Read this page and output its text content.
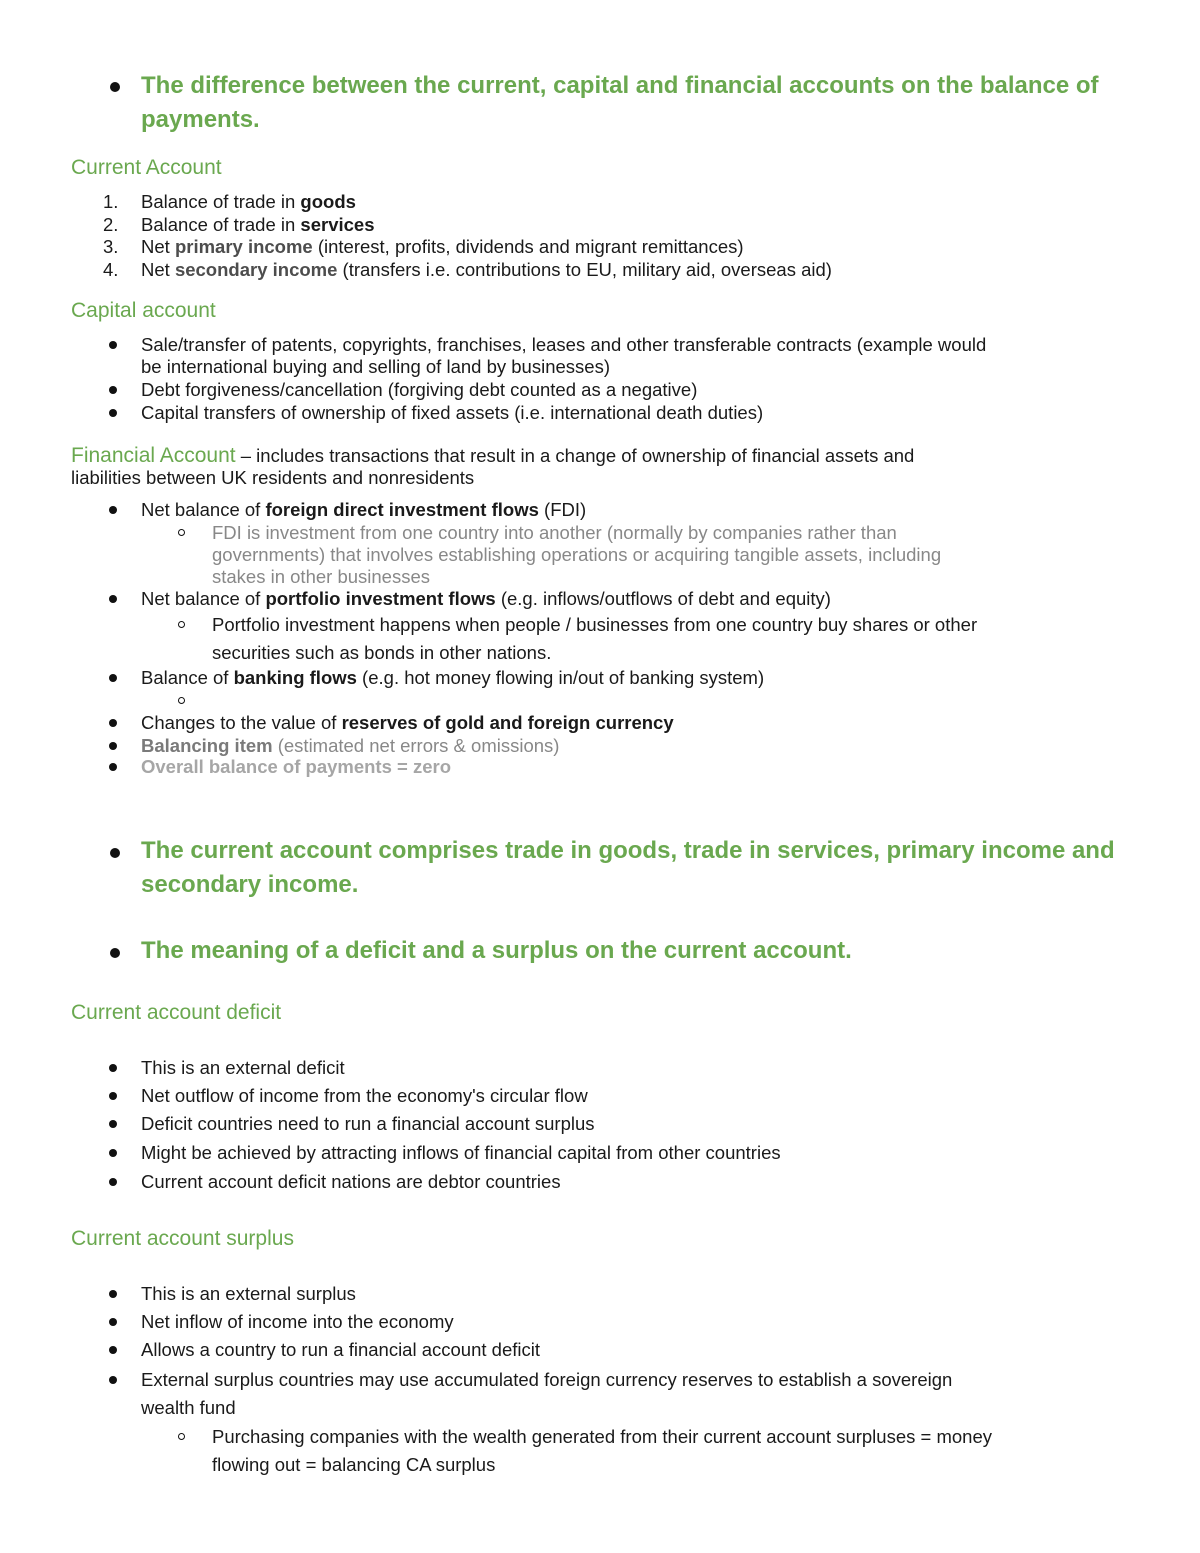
The difference between the current, capital and financial accounts on the balance of payments.
Current Account
1. Balance of trade in goods
2. Balance of trade in services
3. Net primary income (interest, profits, dividends and migrant remittances)
4. Net secondary income (transfers i.e. contributions to EU, military aid, overseas aid)
Capital account
Sale/transfer of patents, copyrights, franchises, leases and other transferable contracts (example would
be international buying and selling of land by businesses)
Debt forgiveness/cancellation (forgiving debt counted as a negative)
Capital transfers of ownership of fixed assets (i.e. international death duties)
Financial Account – includes transactions that result in a change of ownership of financial assets and
liabilities between UK residents and nonresidents
Net balance of foreign direct investment flows (FDI)
FDI is investment from one country into another (normally by companies rather than
governments) that involves establishing operations or acquiring tangible assets, including
stakes in other businesses
Net balance of portfolio investment flows (e.g. inflows/outflows of debt and equity)
Portfolio investment happens when people / businesses from one country buy shares or other
securities such as bonds in other nations.
Balance of banking flows (e.g. hot money flowing in/out of banking system)
Changes to the value of reserves of gold and foreign currency
Balancing item (estimated net errors & omissions)
Overall balance of payments = zero
The current account comprises trade in goods, trade in services, primary income and secondary income.
The meaning of a deficit and a surplus on the current account.
Current account deficit
This is an external deficit
Net outflow of income from the economy's circular flow
Deficit countries need to run a financial account surplus
Might be achieved by attracting inflows of financial capital from other countries
Current account deficit nations are debtor countries
Current account surplus
This is an external surplus
Net inflow of income into the economy
Allows a country to run a financial account deficit
External surplus countries may use accumulated foreign currency reserves to establish a sovereign
wealth fund
Purchasing companies with the wealth generated from their current account surpluses = money
flowing out = balancing CA surplus
